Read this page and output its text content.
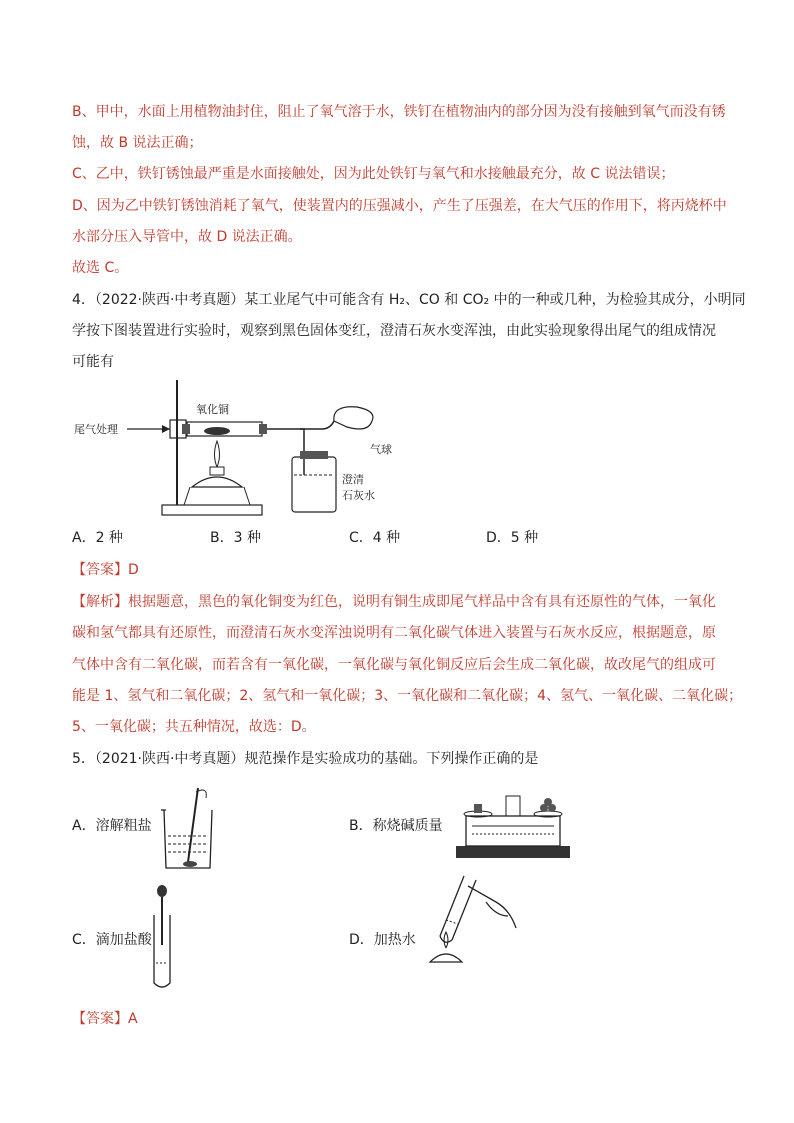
B、甲中，水面上用植物油封住，阻止了氧气溶于水，铁钉在植物油内的部分因为没有接触到氧气而没有锈
蚀，故 B 说法正确；
C、乙中，铁钉锈蚀最严重是水面接触处，因为此处铁钉与氧气和水接触最充分，故 C 说法错误；
D、因为乙中铁钉锈蚀消耗了氧气，使装置内的压强减小，产生了压强差，在大气压的作用下，将丙烧杯中
水部分压入导管中，故 D 说法正确。
故选 C。
4．（2022·陕西·中考真题）某工业尾气中可能含有 H₂、CO 和 CO₂ 中的一种或几种，为检验其成分，小明同
学按下图装置进行实验时，观察到黑色固体变红，澄清石灰水变浑浊，由此实验现象得出尾气的组成情况
可能有
尾气处理
氧化铜
气球
澄清
石灰水
A．2 种	B．3 种	C．4 种	D．5 种
【答案】D
【解析】根据题意，黑色的氧化铜变为红色，说明有铜生成即尾气样品中含有具有还原性的气体，一氧化
碳和氢气都具有还原性，而澄清石灰水变浑浊说明有二氧化碳气体进入装置与石灰水反应，根据题意，原
气体中含有二氧化碳，而若含有一氧化碳，一氧化碳与氧化铜反应后会生成二氧化碳，故改尾气的组成可
能是 1、氢气和二氧化碳；2、氢气和一氧化碳；3、一氧化碳和二氧化碳；4、氢气、一氧化碳、二氧化碳；
5、一氧化碳；共五种情况，故选：D。
5．（2021·陕西·中考真题）规范操作是实验成功的基础。下列操作正确的是
A．溶解粗盐	B．称烧碱质量
C．滴加盐酸	D．加热水
【答案】A
